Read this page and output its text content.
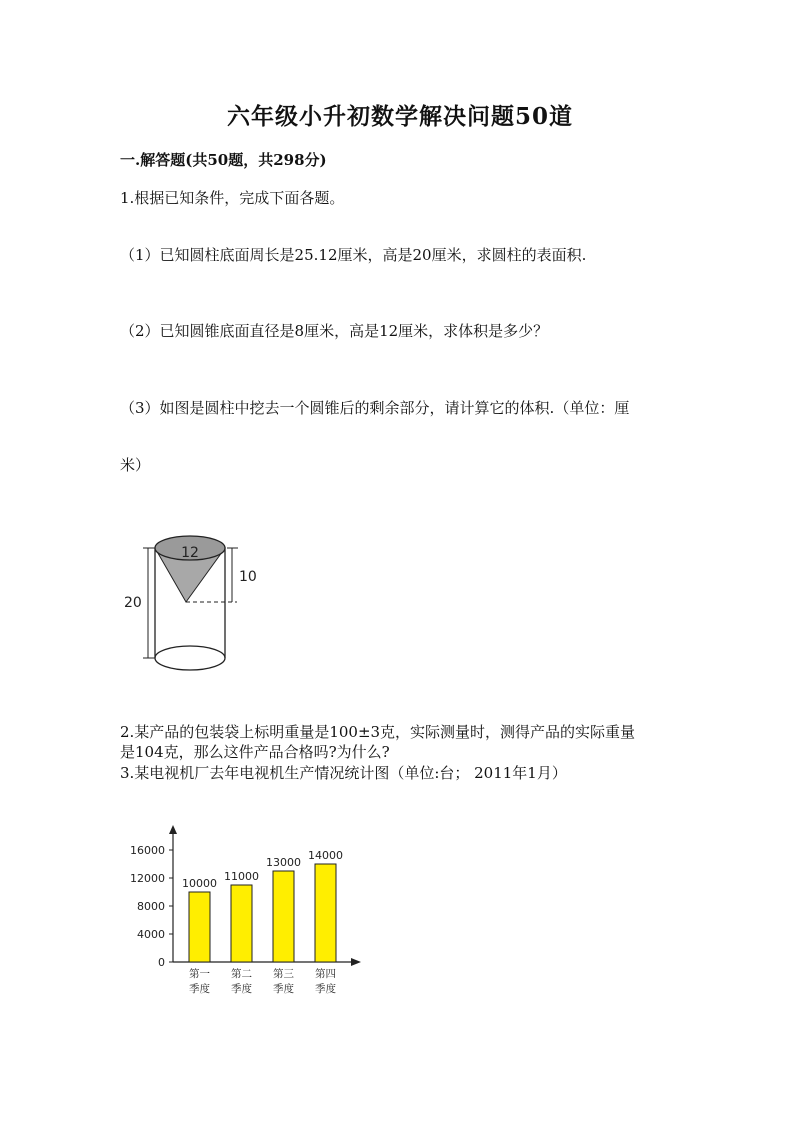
六年级小升初数学解决问题50道
一.解答题(共50题，共298分)
1.根据已知条件，完成下面各题。
（1）已知圆柱底面周长是25.12厘米，高是20厘米，求圆柱的表面积.
（2）已知圆锥底面直径是8厘米，高是12厘米，求体积是多少？
（3）如图是圆柱中挖去一个圆锥后的剩余部分，请计算它的体积.（单位：厘
米）
12
10
20
2.某产品的包装袋上标明重量是100±3克，实际测量时，测得产品的实际重量
是104克，那么这件产品合格吗?为什么?
3.某电视机厂去年电视机生产情况统计图（单位:台； 2011年1月）
0
4000
8000
12000
16000
第一
季度
第二
季度
第三
季度
第四
季度
10000
11000
13000
14000
